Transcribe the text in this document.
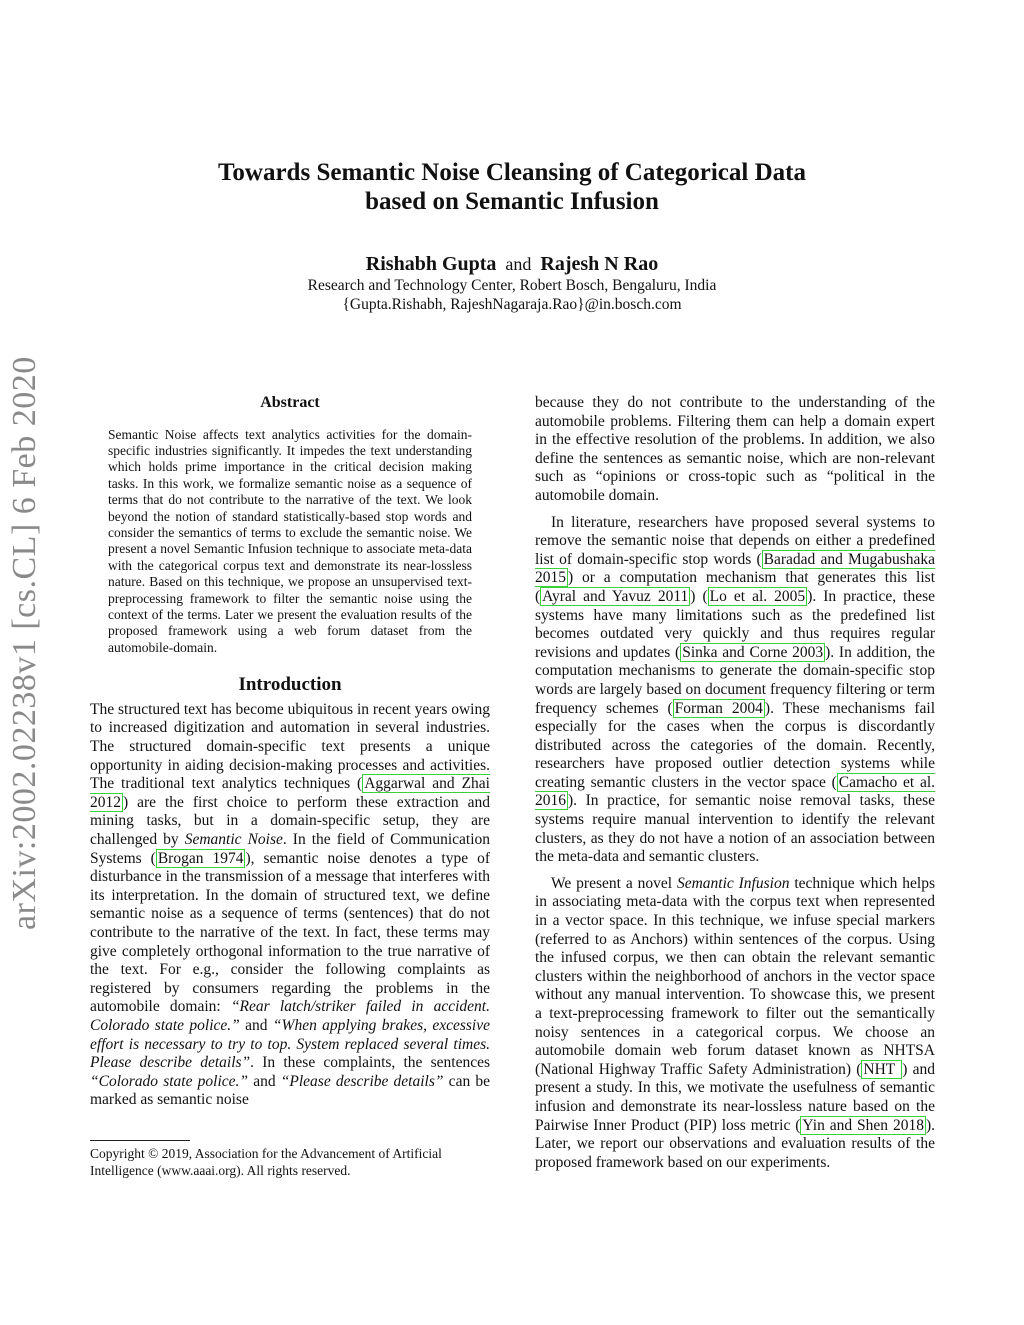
arXiv:2002.02238v1 [cs.CL] 6 Feb 2020
Towards Semantic Noise Cleansing of Categorical Data
based on Semantic Infusion
Rishabh Gupta and Rajesh N Rao
Research and Technology Center, Robert Bosch, Bengaluru, India
{Gupta.Rishabh, RajeshNagaraja.Rao}@in.bosch.com
Abstract
Semantic Noise affects text analytics activities for the domain-specific industries significantly. It impedes the text understanding which holds prime importance in the critical decision making tasks. In this work, we formalize semantic noise as a sequence of terms that do not contribute to the narrative of the text. We look beyond the notion of standard statistically-based stop words and consider the semantics of terms to exclude the semantic noise. We present a novel Semantic Infusion technique to associate meta-data with the categorical corpus text and demonstrate its near-lossless nature. Based on this technique, we propose an unsupervised text-preprocessing framework to filter the semantic noise using the context of the terms. Later we present the evaluation results of the proposed framework using a web forum dataset from the automobile-domain.
Introduction

The structured text has become ubiquitous in recent years owing to increased digitization and automation in several industries. The structured domain-specific text presents a unique opportunity in aiding decision-making processes and activities. The traditional text analytics techniques ( Aggarwal and Zhai 2012 ) are the first choice to perform these extraction and mining tasks, but in a domain-specific setup, they are challenged by Semantic Noise. In the field of Communication Systems ( Brogan 1974 ), semantic noise denotes a type of disturbance in the transmission of a message that interferes with its interpretation. In the domain of structured text, we define semantic noise as a sequence of terms (sentences) that do not contribute to the narrative of the text. In fact, these terms may give completely orthogonal information to the true narrative of the text. For e.g., consider the following complaints as registered by consumers regarding the problems in the automobile domain: “Rear latch/striker failed in accident. Colorado state police.” and “When applying brakes, excessive effort is necessary to try to top. System replaced several times. Please describe details”. In these complaints, the sentences “Colorado state police.” and “Please describe details” can be marked as semantic noise

Copyright © 2019, Association for the Advancement of Artificial Intelligence (www.aaai.org). All rights reserved.

because they do not contribute to the understanding of the automobile problems. Filtering them can help a domain expert in the effective resolution of the problems. In addition, we also define the sentences as semantic noise, which are non-relevant such as “opinions or cross-topic such as “political in the automobile domain.

In literature, researchers have proposed several systems to remove the semantic noise that depends on either a predefined list of domain-specific stop words ( Baradad and Mugabushaka 2015 ) or a computation mechanism that generates this list ( Ayral and Yavuz 2011 ) ( Lo et al. 2005 ). In practice, these systems have many limitations such as the predefined list becomes outdated very quickly and thus requires regular revisions and updates ( Sinka and Corne 2003 ). In addition, the computation mechanisms to generate the domain-specific stop words are largely based on document frequency filtering or term frequency schemes ( Forman 2004 ). These mechanisms fail especially for the cases when the corpus is discordantly distributed across the categories of the domain. Recently, researchers have proposed outlier detection systems while creating semantic clusters in the vector space ( Camacho et al. 2016 ). In practice, for semantic noise removal tasks, these systems require manual intervention to identify the relevant clusters, as they do not have a notion of an association between the meta-data and semantic clusters.

We present a novel Semantic Infusion technique which helps in associating meta-data with the corpus text when represented in a vector space. In this technique, we infuse special markers (referred to as Anchors) within sentences of the corpus. Using the infused corpus, we then can obtain the relevant semantic clusters within the neighborhood of anchors in the vector space without any manual intervention. To showcase this, we present a text-preprocessing framework to filter out the semantically noisy sentences in a categorical corpus. We choose an automobile domain web forum dataset known as NHTSA (National Highway Traffic Safety Administration) ( NHT ) and present a study. In this, we motivate the usefulness of semantic infusion and demonstrate its near-lossless nature based on the Pairwise Inner Product (PIP) loss metric ( Yin and Shen 2018 ). Later, we report our observations and evaluation results of the proposed framework based on our experiments.
